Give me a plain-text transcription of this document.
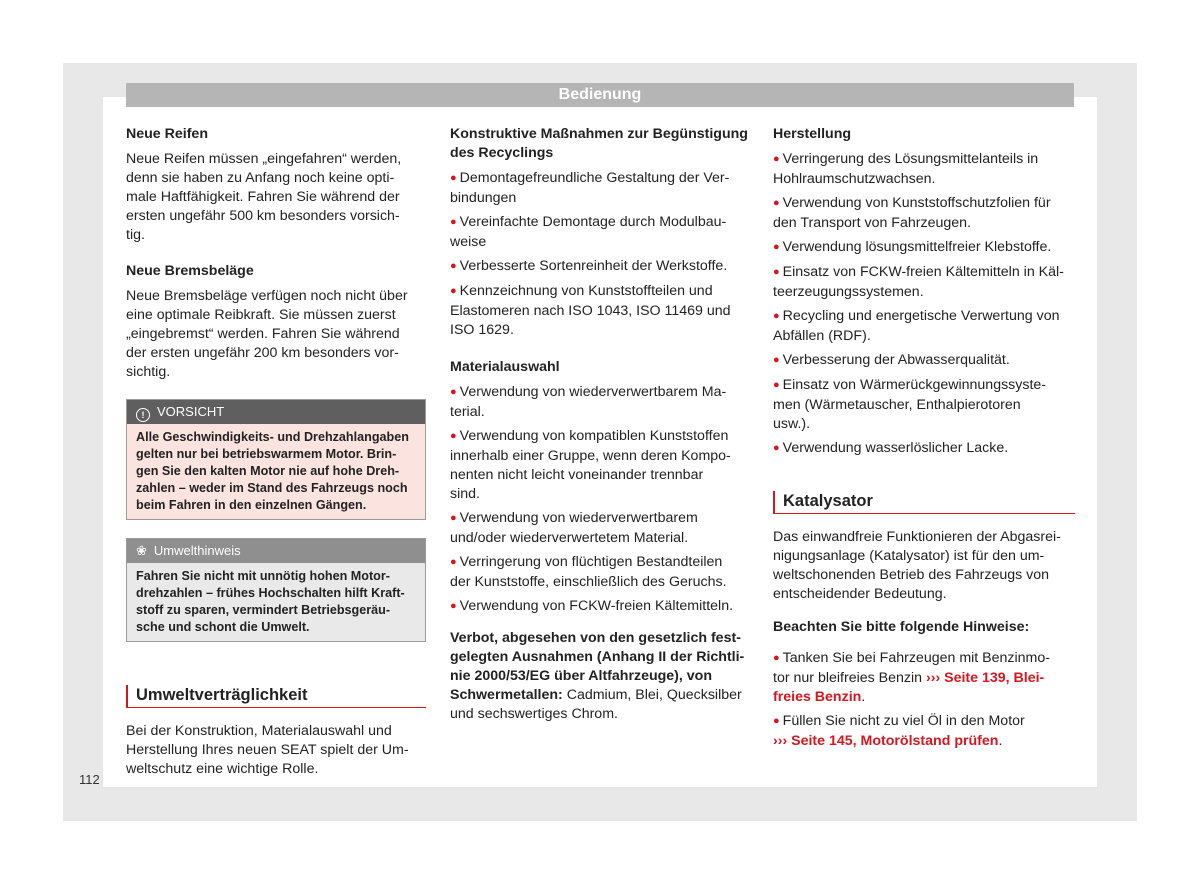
Bedienung
112
Neue Reifen

Neue Reifen müssen „eingefahren“ werden,
denn sie haben zu Anfang noch keine opti-
male Haftfähigkeit. Fahren Sie während der
ersten ungefähr 500 km besonders vorsich-
tig.

Neue Bremsbeläge

Neue Bremsbeläge verfügen noch nicht über
eine optimale Reibkraft. Sie müssen zuerst
„eingebremst“ werden. Fahren Sie während
der ersten ungefähr 200 km besonders vor-
sichtig.

! VORSICHT
Alle Geschwindigkeits- und Drehzahlangaben
gelten nur bei betriebswarmem Motor. Brin-
gen Sie den kalten Motor nie auf hohe Dreh-
zahlen – weder im Stand des Fahrzeugs noch
beim Fahren in den einzelnen Gängen.
❀ Umwelthinweis
Fahren Sie nicht mit unnötig hohen Motor-
drehzahlen – frühes Hochschalten hilft Kraft-
stoff zu sparen, vermindert Betriebsgeräu-
sche und schont die Umwelt.
Umweltverträglichkeit

Bei der Konstruktion, Materialauswahl und
Herstellung Ihres neuen SEAT spielt der Um-
weltschutz eine wichtige Rolle.

Konstruktive Maßnahmen zur Begünstigung
des Recyclings
● Demontagefreundliche Gestaltung der Ver-
bindungen
● Vereinfachte Demontage durch Modulbau-
weise
● Verbesserte Sortenreinheit der Werkstoffe.
● Kennzeichnung von Kunststoffteilen und
Elastomeren nach ISO 1043, ISO 11469 und
ISO 1629.
Materialauswahl
● Verwendung von wiederverwertbarem Ma-
terial.
● Verwendung von kompatiblen Kunststoffen
innerhalb einer Gruppe, wenn deren Kompo-
nenten nicht leicht voneinander trennbar
sind.
● Verwendung von wiederverwertbarem
und/oder wiederverwertetem Material.
● Verringerung von flüchtigen Bestandteilen
der Kunststoffe, einschließlich des Geruchs.
● Verwendung von FCKW-freien Kältemitteln.

Verbot, abgesehen von den gesetzlich fest-
gelegten Ausnahmen (Anhang II der Richtli-
nie 2000/53/EG über Altfahrzeuge), von
Schwermetallen: Cadmium, Blei, Quecksilber
und sechswertiges Chrom.

Herstellung
● Verringerung des Lösungsmittelanteils in
Hohlraumschutzwachsen.
● Verwendung von Kunststoffschutzfolien für
den Transport von Fahrzeugen.
● Verwendung lösungsmittelfreier Klebstoffe.
● Einsatz von FCKW-freien Kältemitteln in Käl-
teerzeugungssystemen.
● Recycling und energetische Verwertung von
Abfällen (RDF).
● Verbesserung der Abwasserqualität.
● Einsatz von Wärmerückgewinnungssyste-
men (Wärmetauscher, Enthalpierotoren
usw.).
● Verwendung wasserlöslicher Lacke.
Katalysator

Das einwandfreie Funktionieren der Abgasrei-
nigungsanlage (Katalysator) ist für den um-
weltschonenden Betrieb des Fahrzeugs von
entscheidender Bedeutung.

Beachten Sie bitte folgende Hinweise:
● Tanken Sie bei Fahrzeugen mit Benzinmo-
tor nur bleifreies Benzin ››› Seite 139, Blei-
freies Benzin.
● Füllen Sie nicht zu viel Öl in den Motor
››› Seite 145, Motorölstand prüfen.
